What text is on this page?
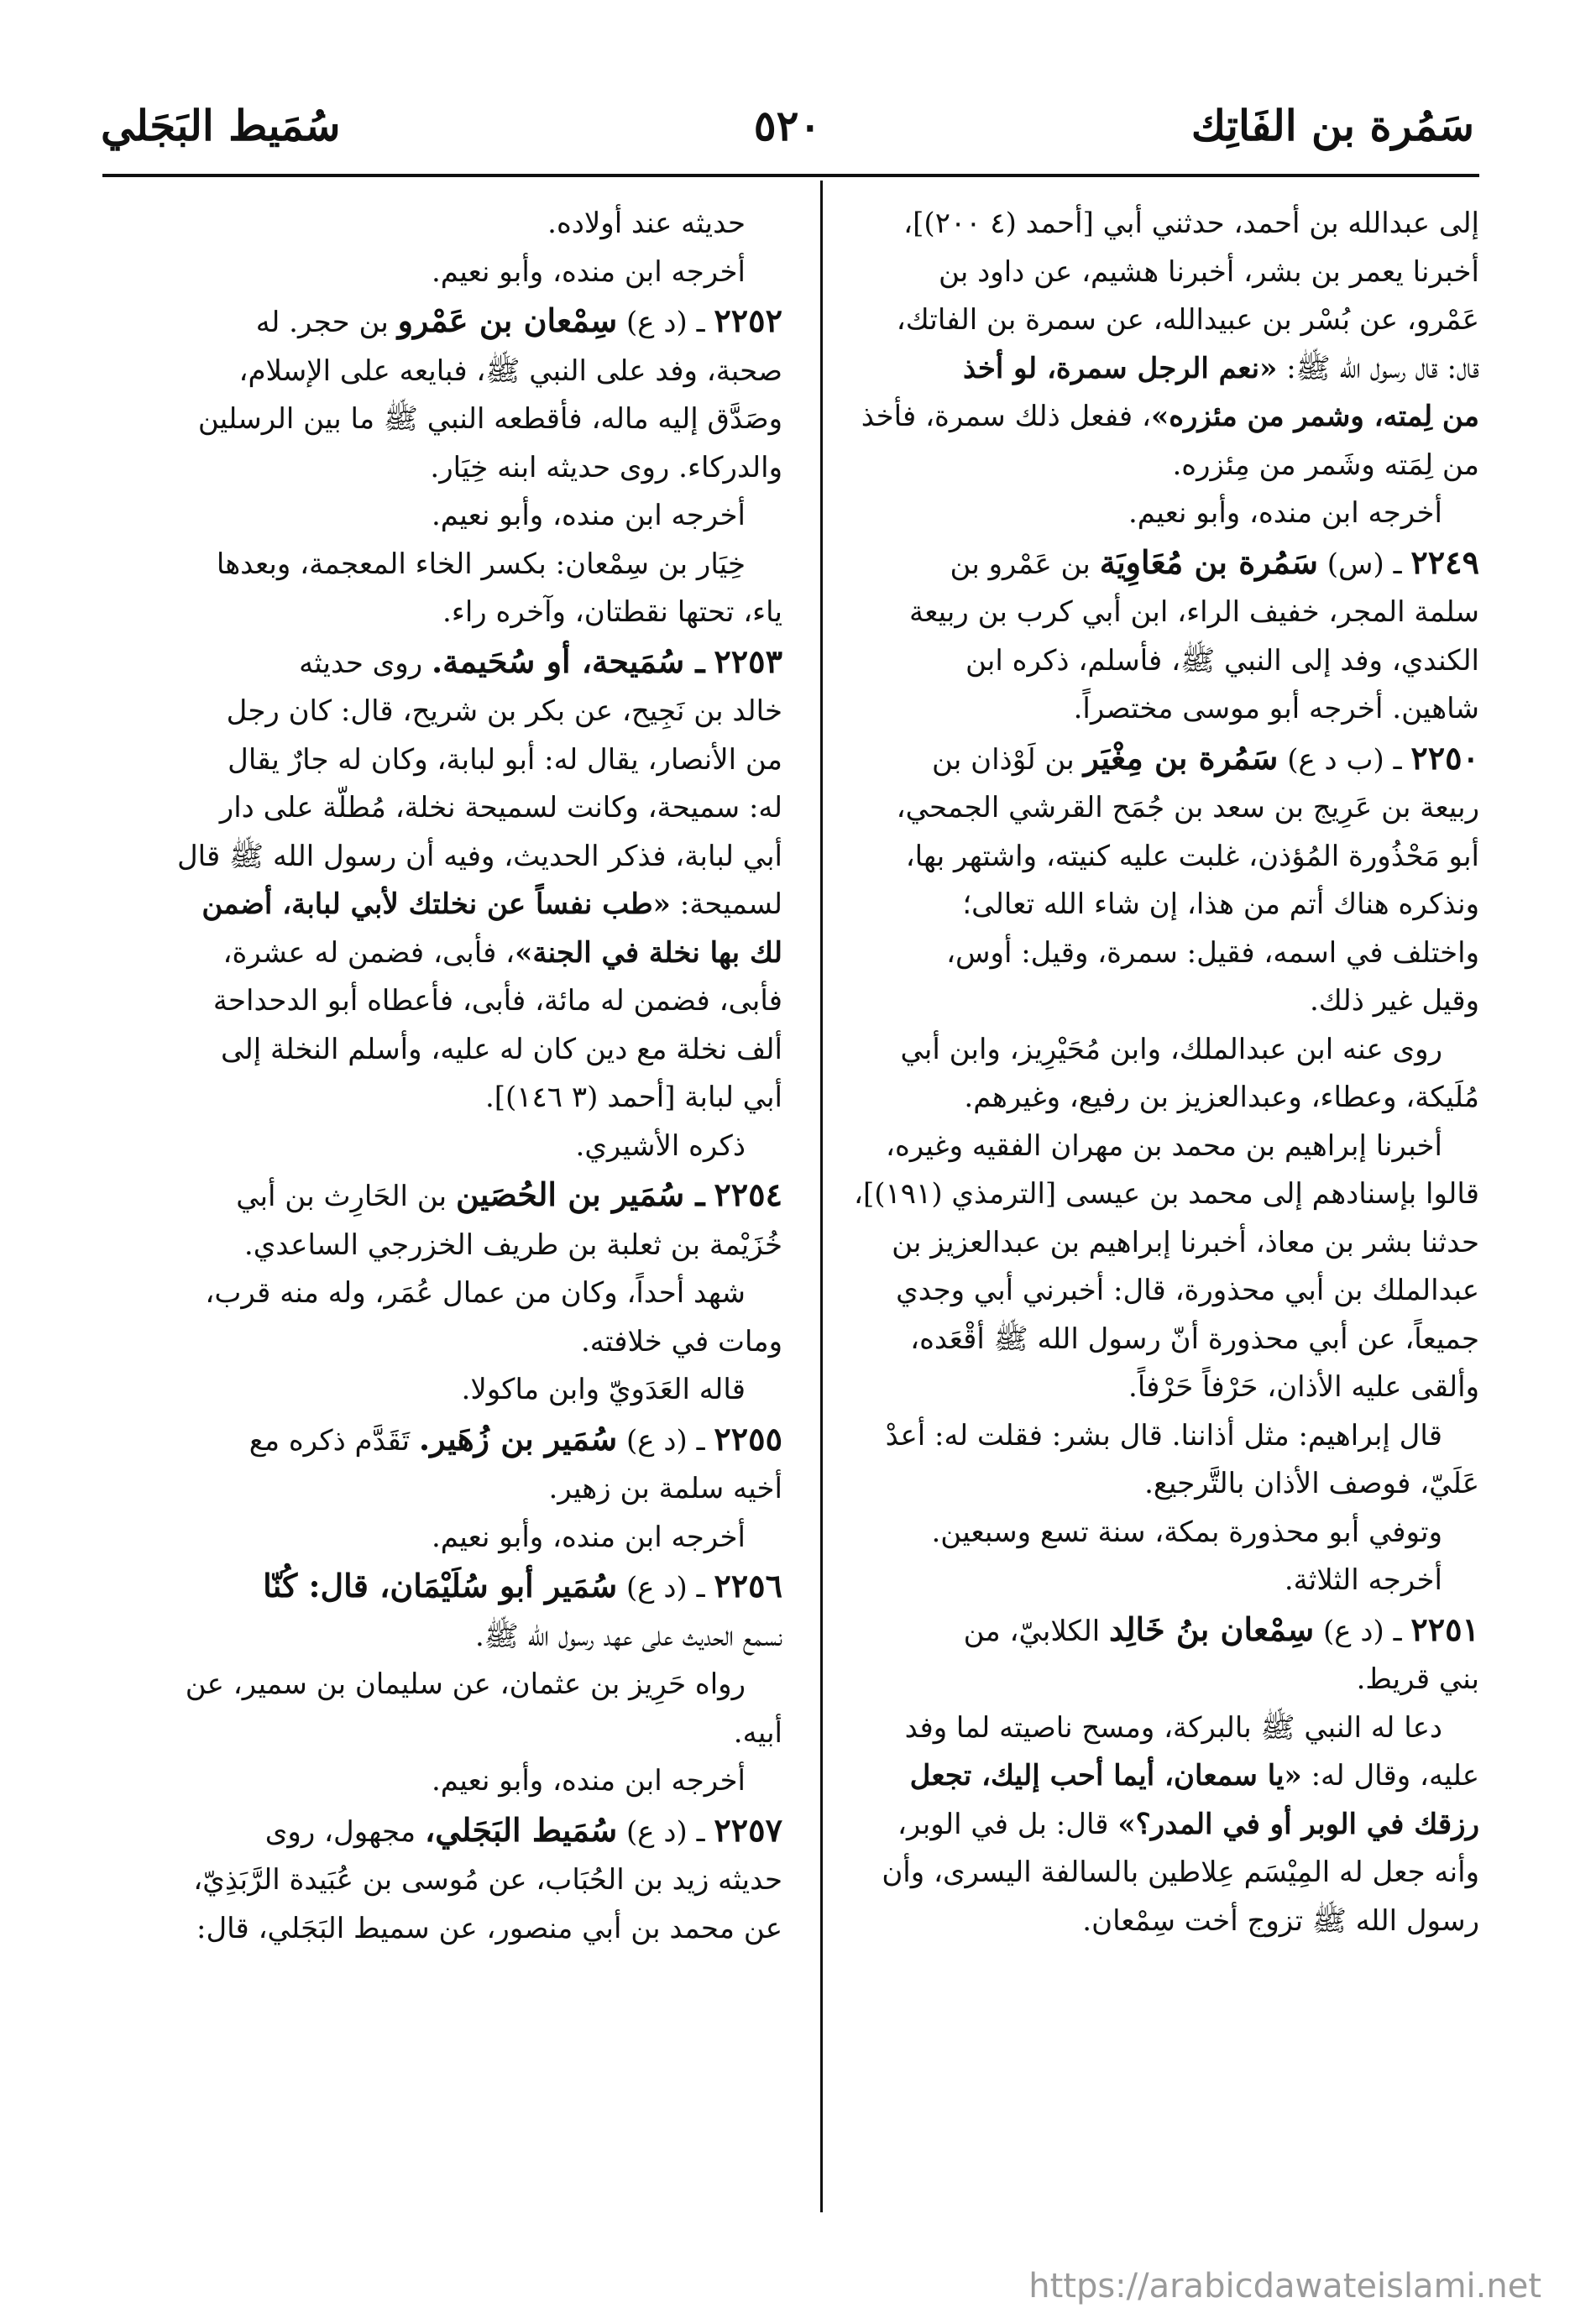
سَمُرة بن الفَاتِك
٥٢٠
سُمَيط البَجَلي

إلى عبدالله بن أحمد، حدثني أبي [أحمد (٤ ٢٠٠)]،

أخبرنا يعمر بن بشر، أخبرنا هشيم، عن داود بن

عَمْرو، عن بُسْر بن عبيدالله، عن سمرة بن الفاتك،

قال: قال رسول الله ﷺ: «نعم الرجل سمرة، لو أخذ

من لِمته، وشمر من مئزره»، ففعل ذلك سمرة، فأخذ

من لِمَته وشَمر من مِئزره.

أخرجه ابن منده، وأبو نعيم.

٢٢٤٩ ـ (س) سَمُرة بن مُعَاوِيَة بن عَمْرو بن

سلمة المجر، خفيف الراء، ابن أبي كرب بن ربيعة

الكندي، وفد إلى النبي ﷺ، فأسلم، ذكره ابن

شاهين. أخرجه أبو موسى مختصراً.

٢٢٥٠ ـ (ب د ع) سَمُرة بن مِغْيَر بن لَوْذان بن

ربيعة بن عَرِيج بن سعد بن جُمَح القرشي الجمحي،

أبو مَحْذُورة المُؤذن، غلبت عليه كنيته، واشتهر بها،

ونذكره هناك أتم من هذا، إن شاء الله تعالى؛

واختلف في اسمه، فقيل: سمرة، وقيل: أوس،

وقيل غير ذلك.

روى عنه ابن عبدالملك، وابن مُحَيْرِيز، وابن أبي

مُلَيكة، وعطاء، وعبدالعزيز بن رفيع، وغيرهم.

أخبرنا إبراهيم بن محمد بن مهران الفقيه وغيره،

قالوا بإسنادهم إلى محمد بن عيسى [الترمذي (١٩١)]،

حدثنا بشر بن معاذ، أخبرنا إبراهيم بن عبدالعزيز بن

عبدالملك بن أبي محذورة، قال: أخبرني أبي وجدي

جميعاً، عن أبي محذورة أنّ رسول الله ﷺ أقْعَده،

وألقى عليه الأذان، حَرْفاً حَرْفاً.

قال إبراهيم: مثل أذاننا. قال بشر: فقلت له: أعدْ

عَلَيّ، فوصف الأذان بالتَّرجيع.

وتوفي أبو محذورة بمكة، سنة تسع وسبعين.

أخرجه الثلاثة.

٢٢٥١ ـ (د ع) سِمْعان بنُ خَالِد الكلابيّ، من

بني قريط.

دعا له النبي ﷺ بالبركة، ومسح ناصيته لما وفد

عليه، وقال له: «يا سمعان، أيما أحب إليك، تجعل

رزقك في الوبر أو في المدر؟» قال: بل في الوبر،

وأنه جعل له المِيْسَم عِلاطين بالسالفة اليسرى، وأن

رسول الله ﷺ تزوج أخت سِمْعان.

حديثه عند أولاده.

أخرجه ابن منده، وأبو نعيم.

٢٢٥٢ ـ (د ع) سِمْعان بن عَمْرو بن حجر. له

صحبة، وفد على النبي ﷺ، فبايعه على الإسلام،

وصَدَّق إليه ماله، فأقطعه النبي ﷺ ما بين الرسلين

والدركاء. روى حديثه ابنه خِيَار.

أخرجه ابن منده، وأبو نعيم.

خِيَار بن سِمْعان: بكسر الخاء المعجمة، وبعدها

ياء، تحتها نقطتان، وآخره راء.

٢٢٥٣ ـ سُمَيحة، أو سُحَيمة. روى حديثه

خالد بن نَجِيح، عن بكر بن شريح، قال: كان رجل

من الأنصار، يقال له: أبو لبابة، وكان له جارٌ يقال

له: سميحة، وكانت لسميحة نخلة، مُطلّة على دار

أبي لبابة، فذكر الحديث، وفيه أن رسول الله ﷺ قال

لسميحة: «طب نفساً عن نخلتك لأبي لبابة، أضمن

لك بها نخلة في الجنة»، فأبى، فضمن له عشرة،

فأبى، فضمن له مائة، فأبى، فأعطاه أبو الدحداحة

ألف نخلة مع دين كان له عليه، وأسلم النخلة إلى

أبي لبابة [أحمد (٣ ١٤٦)].

ذكره الأشيري.

٢٢٥٤ ـ سُمَير بن الحُصَين بن الحَارِث بن أبي

خُزَيْمة بن ثعلبة بن طريف الخزرجي الساعدي.

شهد أحداً، وكان من عمال عُمَر، وله منه قرب،

ومات في خلافته.

قاله العَدَويّ وابن ماكولا.

٢٢٥٥ ـ (د ع) سُمَير بن زُهَير. تَقَدَّم ذكره مع

أخيه سلمة بن زهير.

أخرجه ابن منده، وأبو نعيم.

٢٢٥٦ ـ (د ع) سُمَير أبو سُلَيْمَان، قال: كُنّا

نسمع الحديث على عهد رسول الله ﷺ.

رواه حَرِيز بن عثمان، عن سليمان بن سمير، عن

أبيه.

أخرجه ابن منده، وأبو نعيم.

٢٢٥٧ ـ (د ع) سُمَيط البَجَلي، مجهول، روى

حديثه زيد بن الحُبَاب، عن مُوسى بن عُبَيدة الرَّبَذِيّ،

عن محمد بن أبي منصور، عن سميط البَجَلي، قال:

https://arabicdawateislami.net
